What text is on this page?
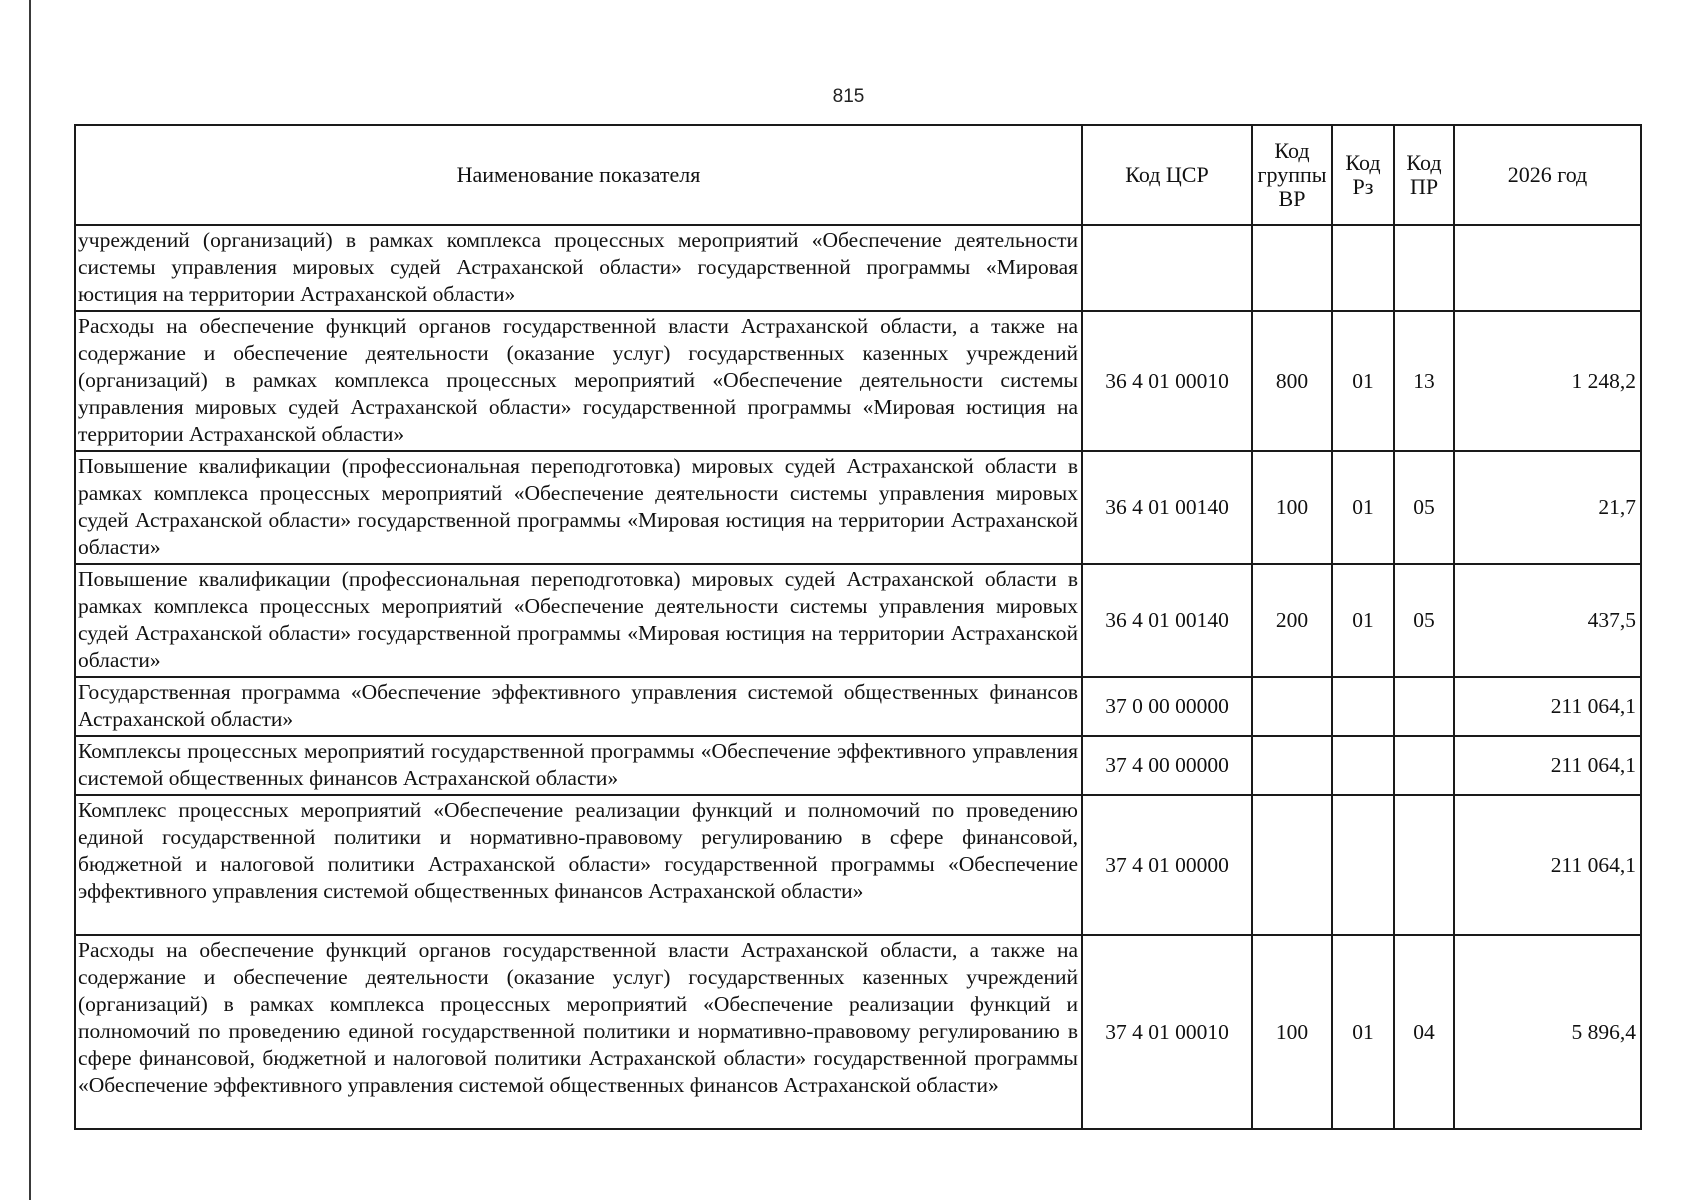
815
Наименование показателя	Код ЦСР	Код группы ВР	Код Рз	Код ПР	2026 год
учреждений (организаций) в рамках комплекса процессных мероприятий «Обеспечение деятельности системы управления мировых судей Астраханской области» государственной программы «Мировая юстиция на территории Астраханской области»					
Расходы на обеспечение функций органов государственной власти Астраханской области, а также на содержание и обеспечение деятельности (оказание услуг) государственных казенных учреждений (организаций) в рамках комплекса процессных мероприятий «Обеспечение деятельности системы управления мировых судей Астраханской области» государственной программы «Мировая юстиция на территории Астраханской области»	36 4 01 00010	800	01	13	1 248,2
Повышение квалификации (профессиональная переподготовка) мировых судей Астраханской области в рамках комплекса процессных мероприятий «Обеспечение деятельности системы управления мировых судей Астраханской области» государственной программы «Мировая юстиция на территории Астраханской области»	36 4 01 00140	100	01	05	21,7
Повышение квалификации (профессиональная переподготовка) мировых судей Астраханской области в рамках комплекса процессных мероприятий «Обеспечение деятельности системы управления мировых судей Астраханской области» государственной программы «Мировая юстиция на территории Астраханской области»	36 4 01 00140	200	01	05	437,5
Государственная программа «Обеспечение эффективного управления системой общественных финансов Астраханской области»	37 0 00 00000				211 064,1
Комплексы процессных мероприятий государственной программы «Обеспечение эффективного управления системой общественных финансов Астраханской области»	37 4 00 00000				211 064,1
Комплекс процессных мероприятий «Обеспечение реализации функций и полномочий по проведению единой государственной политики и нормативно-правовому регулированию в сфере финансовой, бюджетной и налоговой политики Астраханской области» государственной программы «Обеспечение эффективного управления системой общественных финансов Астраханской области»	37 4 01 00000				211 064,1
Расходы на обеспечение функций органов государственной власти Астраханской области, а также на содержание и обеспечение деятельности (оказание услуг) государственных казенных учреждений (организаций) в рамках комплекса процессных мероприятий «Обеспечение реализации функций и полномочий по проведению единой государственной политики и нормативно-правовому регулированию в сфере финансовой, бюджетной и налоговой политики Астраханской области» государственной программы «Обеспечение эффективного управления системой общественных финансов Астраханской области»	37 4 01 00010	100	01	04	5 896,4
